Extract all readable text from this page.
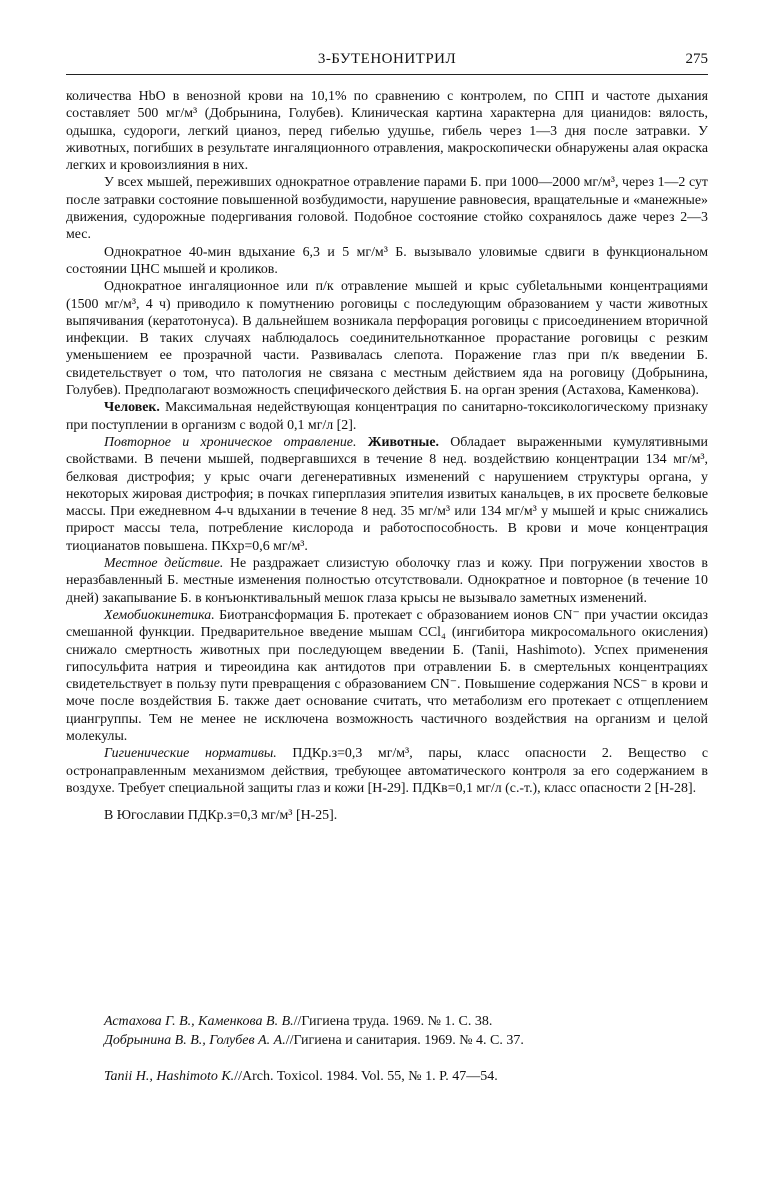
3-БУТЕНОНИТРИЛ	275

количества HbO в венозной крови на 10,1% по сравнению с контролем, по СПП и частоте дыхания составляет 500 мг/м³ (Добрынина, Голубев). Клиническая картина характерна для цианидов: вялость, одышка, судороги, легкий цианоз, перед гибелью удушье, гибель через 1—3 дня после затравки. У животных, погибших в результате ингаляционного отравления, макроскопически обнаружены алая окраска легких и кровоизлияния в них.

У всех мышей, переживших однократное отравление парами Б. при 1000—2000 мг/м³, через 1—2 сут после затравки состояние повышенной возбудимости, нарушение равновесия, вращательные и «манежные» движения, судорожные подергивания головой. Подобное состояние стойко сохранялось даже через 2—3 мес.

Однократное 40-мин вдыхание 6,3 и 5 мг/м³ Б. вызывало уловимые сдвиги в функциональном состоянии ЦНС мышей и кроликов.

Однократное ингаляционное или п/к отравление мышей и крыс субletальными концентрациями (1500 мг/м³, 4 ч) приводило к помутнению роговицы с последующим образованием у части животных выпячивания (кератотонуса). В дальнейшем возникала перфорация роговицы с присоединением вторичной инфекции. В таких случаях наблюдалось соединительнотканное прорастание роговицы с резким уменьшением ее прозрачной части. Развивалась слепота. Поражение глаз при п/к введении Б. свидетельствует о том, что патология не связана с местным действием яда на роговицу (Добрынина, Голубев). Предполагают возможность специфического действия Б. на орган зрения (Астахова, Каменкова).

Человек. Максимальная недействующая концентрация по санитарно-токсикологическому признаку при поступлении в организм с водой 0,1 мг/л [2].

Повторное и хроническое отравление. Животные. Обладает выраженными кумулятивными свойствами. В печени мышей, подвергавшихся в течение 8 нед. воздействию концентрации 134 мг/м³, белковая дистрофия; у крыс очаги дегенеративных изменений с нарушением структуры органа, у некоторых жировая дистрофия; в почках гиперплазия эпителия извитых канальцев, в их просвете белковые массы. При ежедневном 4-ч вдыхании в течение 8 нед. 35 мг/м³ или 134 мг/м³ у мышей и крыс снижались прирост массы тела, потребление кислорода и работоспособность. В крови и моче концентрация тиоцианатов повышена. ПКхр=0,6 мг/м³.

Местное действие. Не раздражает слизистую оболочку глаз и кожу. При погружении хвостов в неразбавленный Б. местные изменения полностью отсутствовали. Однократное и повторное (в течение 10 дней) закапывание Б. в конъюнктивальный мешок глаза крысы не вызывало заметных изменений.

Хемобиокинетика. Биотрансформация Б. протекает с образованием ионов CN⁻ при участии оксидаз смешанной функции. Предварительное введение мышам CCl₄ (ингибитора микросомального окисления) снижало смертность животных при последующем введении Б. (Tanii, Hashimoto). Успех применения гипосульфита натрия и тиреоидина как антидотов при отравлении Б. в смертельных концентрациях свидетельствует в пользу пути превращения с образованием CN⁻. Повышение содержания NCS⁻ в крови и моче после воздействия Б. также дает основание считать, что метаболизм его протекает с отщеплением циангруппы. Тем не менее не исключена возможность частичного воздействия на организм и целой молекулы.

Гигиенические нормативы. ПДКр.з=0,3 мг/м³, пары, класс опасности 2. Вещество с остронаправленным механизмом действия, требующее автоматического контроля за его содержанием в воздухе. Требует специальной защиты глаз и кожи [Н-29]. ПДКв=0,1 мг/л (с.-т.), класс опасности 2 [Н-28].

В Югославии ПДКр.з=0,3 мг/м³ [Н-25].

Астахова Г. В., Каменкова В. В.//Гигиена труда. 1969. № 1. С. 38.

Добрынина В. В., Голубев А. А.//Гигиена и санитария. 1969. № 4. С. 37.

Tanii H., Hashimoto K.//Arch. Toxicol. 1984. Vol. 55, № 1. P. 47—54.
